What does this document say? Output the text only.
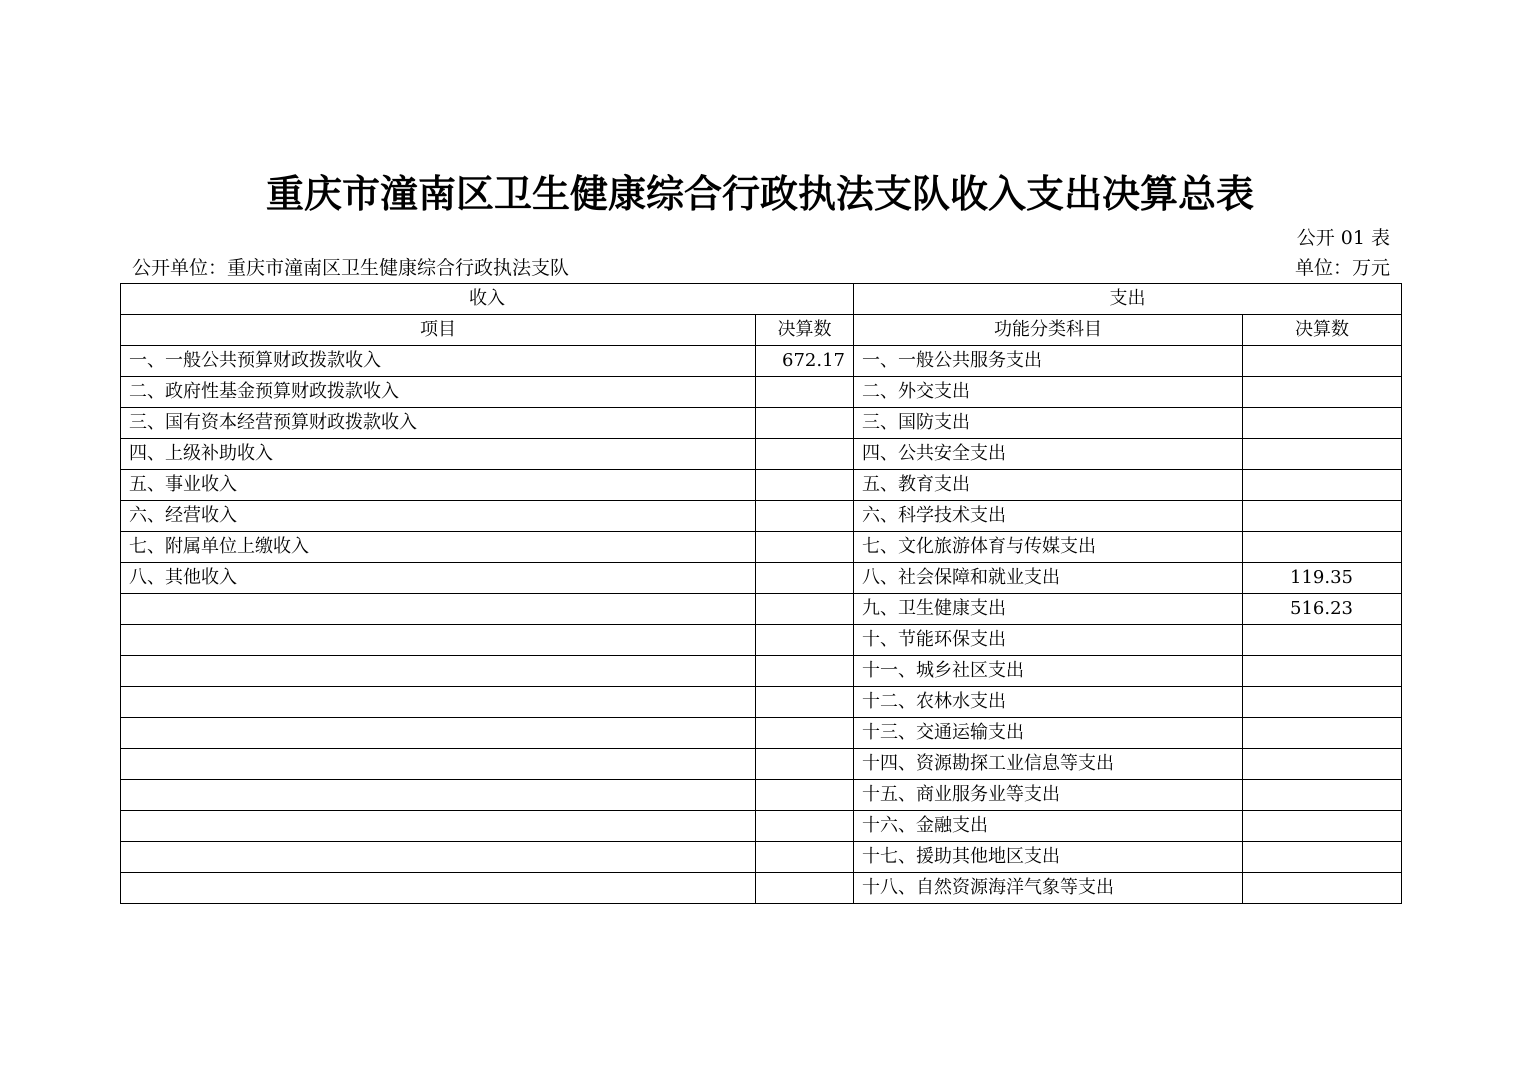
重庆市潼南区卫生健康综合行政执法支队收入支出决算总表
公开 01 表
公开单位：重庆市潼南区卫生健康综合行政执法支队	单位：万元
收入		支出	
项目	决算数	功能分类科目	决算数
一、一般公共预算财政拨款收入	672.17	一、一般公共服务支出	
二、政府性基金预算财政拨款收入		二、外交支出	
三、国有资本经营预算财政拨款收入		三、国防支出	
四、上级补助收入		四、公共安全支出	
五、事业收入		五、教育支出	
六、经营收入		六、科学技术支出	
七、附属单位上缴收入		七、文化旅游体育与传媒支出	
八、其他收入		八、社会保障和就业支出	119.35
		九、卫生健康支出	516.23
		十、节能环保支出	
		十一、城乡社区支出	
		十二、农林水支出	
		十三、交通运输支出	
		十四、资源勘探工业信息等支出	
		十五、商业服务业等支出	
		十六、金融支出	
		十七、援助其他地区支出	
		十八、自然资源海洋气象等支出	
